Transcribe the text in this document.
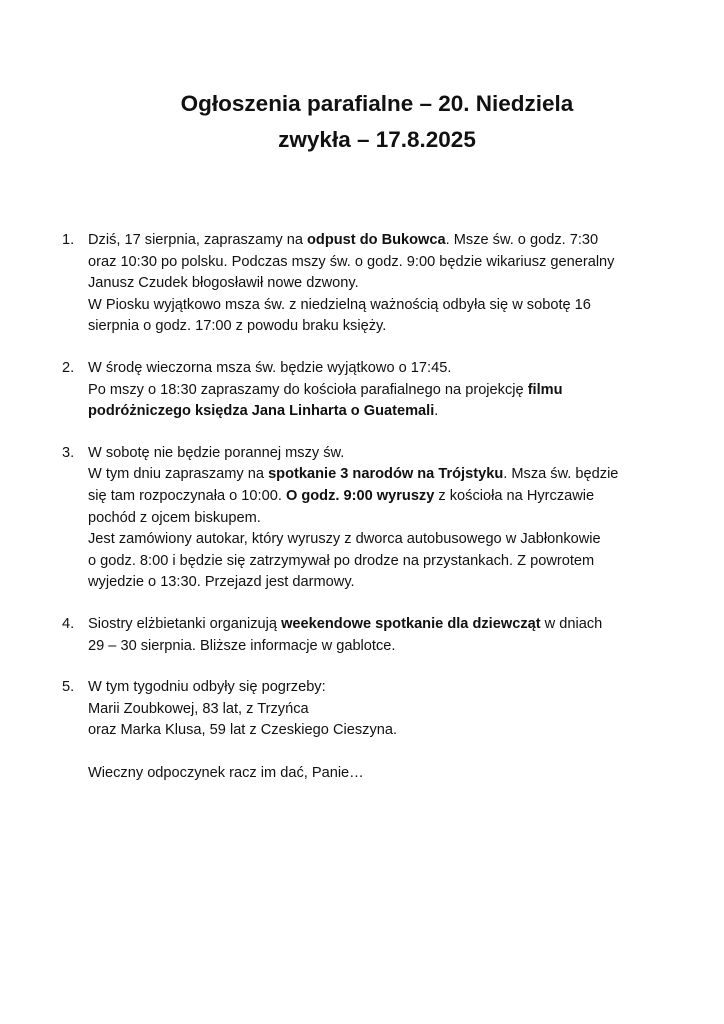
Ogłoszenia parafialne – 20. Niedziela
zwykła – 17.8.2025
1. Dziś, 17 sierpnia, zapraszamy na odpust do Bukowca. Msze św. o godz. 7:30
oraz 10:30 po polsku. Podczas mszy św. o godz. 9:00 będzie wikariusz generalny
Janusz Czudek błogosławił nowe dzwony.
W Piosku wyjątkowo msza św. z niedzielną ważnością odbyła się w sobotę 16
sierpnia o godz. 17:00 z powodu braku księży.
2. W środę wieczorna msza św. będzie wyjątkowo o 17:45.
Po mszy o 18:30 zapraszamy do kościoła parafialnego na projekcję filmu
podróżniczego księdza Jana Linharta o Guatemali.
3. W sobotę nie będzie porannej mszy św.
W tym dniu zapraszamy na spotkanie 3 narodów na Trójstyku. Msza św. będzie
się tam rozpoczynała o 10:00. O godz. 9:00 wyruszy z kościoła na Hyrczawie
pochód z ojcem biskupem.
Jest zamówiony autokar, który wyruszy z dworca autobusowego w Jabłonkowie
o godz. 8:00 i będzie się zatrzymywał po drodze na przystankach. Z powrotem
wyjedzie o 13:30. Przejazd jest darmowy.
4. Siostry elżbietanki organizują weekendowe spotkanie dla dziewcząt w dniach
29 – 30 sierpnia. Bliższe informacje w gablotce.
5. W tym tygodniu odbyły się pogrzeby:
Marii Zoubkowej, 83 lat, z Trzyńca
oraz Marka Klusa, 59 lat z Czeskiego Cieszyna.
Wieczny odpoczynek racz im dać, Panie…
